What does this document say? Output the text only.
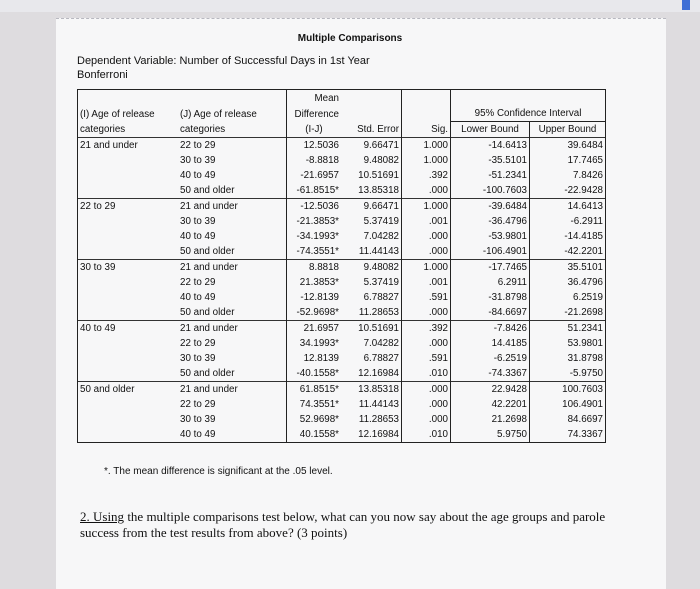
Multiple Comparisons
Dependent Variable: Number of Successful Days in 1st Year
Bonferroni
		Mean				
(I) Age of release	(J) Age of release	Difference			95% Confidence Interval	
categories	categories	(I-J)	Std. Error	Sig.	Lower Bound	Upper Bound
21 and under	22 to 29	12.5036	9.66471	1.000	-14.6413	39.6484
	30 to 39	-8.8818	9.48082	1.000	-35.5101	17.7465
	40 to 49	-21.6957	10.51691	.392	-51.2341	7.8426
	50 and older	-61.8515*	13.85318	.000	-100.7603	-22.9428
22 to 29	21 and under	-12.5036	9.66471	1.000	-39.6484	14.6413
	30 to 39	-21.3853*	5.37419	.001	-36.4796	-6.2911
	40 to 49	-34.1993*	7.04282	.000	-53.9801	-14.4185
	50 and older	-74.3551*	11.44143	.000	-106.4901	-42.2201
30 to 39	21 and under	8.8818	9.48082	1.000	-17.7465	35.5101
	22 to 29	21.3853*	5.37419	.001	6.2911	36.4796
	40 to 49	-12.8139	6.78827	.591	-31.8798	6.2519
	50 and older	-52.9698*	11.28653	.000	-84.6697	-21.2698
40 to 49	21 and under	21.6957	10.51691	.392	-7.8426	51.2341
	22 to 29	34.1993*	7.04282	.000	14.4185	53.9801
	30 to 39	12.8139	6.78827	.591	-6.2519	31.8798
	50 and older	-40.1558*	12.16984	.010	-74.3367	-5.9750
50 and older	21 and under	61.8515*	13.85318	.000	22.9428	100.7603
	22 to 29	74.3551*	11.44143	.000	42.2201	106.4901
	30 to 39	52.9698*	11.28653	.000	21.2698	84.6697
	40 to 49	40.1558*	12.16984	.010	5.9750	74.3367
*. The mean difference is significant at the .05 level.
2. Using the multiple comparisons test below, what can you now say about the age groups and parole success from the test results from above? (3 points)
